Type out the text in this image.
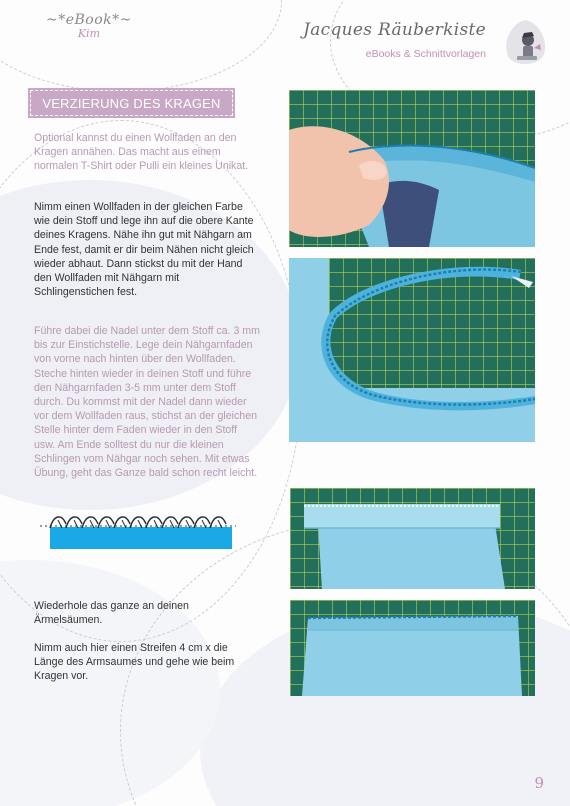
~*eBook*~
Kim	Jacques Räuberkiste
eBooks & Schnittvorlagen
VERZIERUNG DES KRAGEN

Optional kannst du einen Wollfaden an den Kragen annähen. Das macht aus einem normalen T-Shirt oder Pulli ein kleines Unikat.

Nimm einen Wollfaden in der gleichen Farbe wie dein Stoff und lege ihn auf die obere Kante deines Kragens. Nähe ihn gut mit Nähgarn am Ende fest, damit er dir beim Nähen nicht gleich wieder abhaut. Dann stickst du mit der Hand den Wollfaden mit Nähgarn mit Schlingenstichen fest.

Führe dabei die Nadel unter dem Stoff ca. 3 mm bis zur Einstichstelle. Lege dein Nähgarnfaden von vorne nach hinten über den Wollfaden. Steche hinten wieder in deinen Stoff und führe den Nähgarnfaden 3-5 mm unter dem Stoff durch. Du kommst mit der Nadel dann wieder vor dem Wollfaden raus, stichst an der gleichen Stelle hinter dem Faden wieder in den Stoff usw. Am Ende solltest du nur die kleinen Schlingen vom Nähgar noch sehen. Mit etwas Übung, geht das Ganze bald schon recht leicht.

Wiederhole das ganze an deinen Ärmelsäumen.

Nimm auch hier einen Streifen 4 cm x die Länge des Armsaumes und gehe wie beim Kragen vor.

9
